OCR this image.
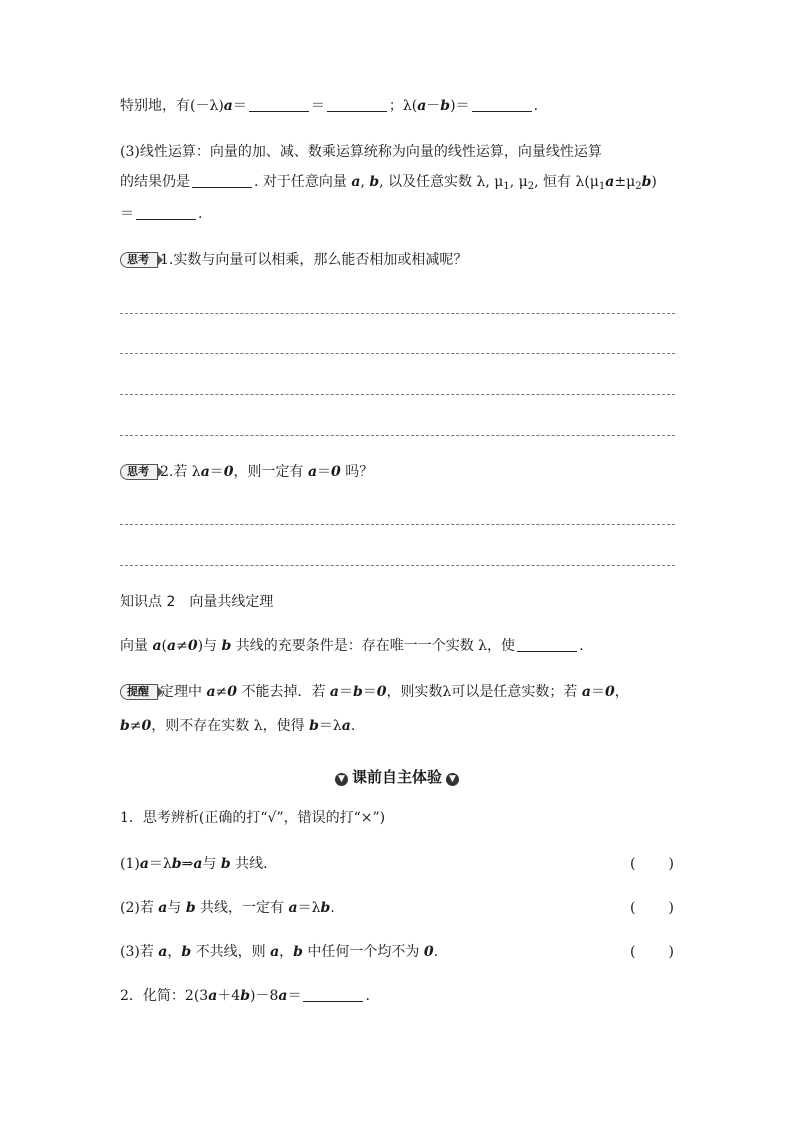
特别地，有(－λ)a＝	＝	；λ(a－b)＝	.
(3)线性运算：向量的加、减、数乘运算统称为向量的线性运算，向量线性运算
的结果仍是	. 对于任意向量 a, b, 以及任意实数 λ, $\mu_1$, $\mu_2$, 恒有 $\lambda(\mu_1a\pm\mu_2b)$
＝	.
思考 1.实数与向量可以相乘，那么能否相加或相减呢？
思考 2.若 λa＝0，则一定有 a＝0 吗？
知识点 2　向量共线定理
向量 a(a≠0)与 b 共线的充要条件是：存在唯一一个实数 λ，使	.
提醒 定理中 a≠0 不能去掉．若 a＝b＝0，则实数λ可以是任意实数；若 a＝0，
b≠0，则不存在实数 λ，使得 b＝λa.
▼ 课前自主体验 ▼
1．思考辨析(正确的打“√”，错误的打“×”)
(1)a＝λb⇒a与 b 共线.	( )
(2)若 a与 b 共线，一定有 a＝λb.	( )
(3)若 a，b 不共线，则 a，b 中任何一个均不为 0.	( )
2．化简：2(3a＋4b)－8a＝	.
